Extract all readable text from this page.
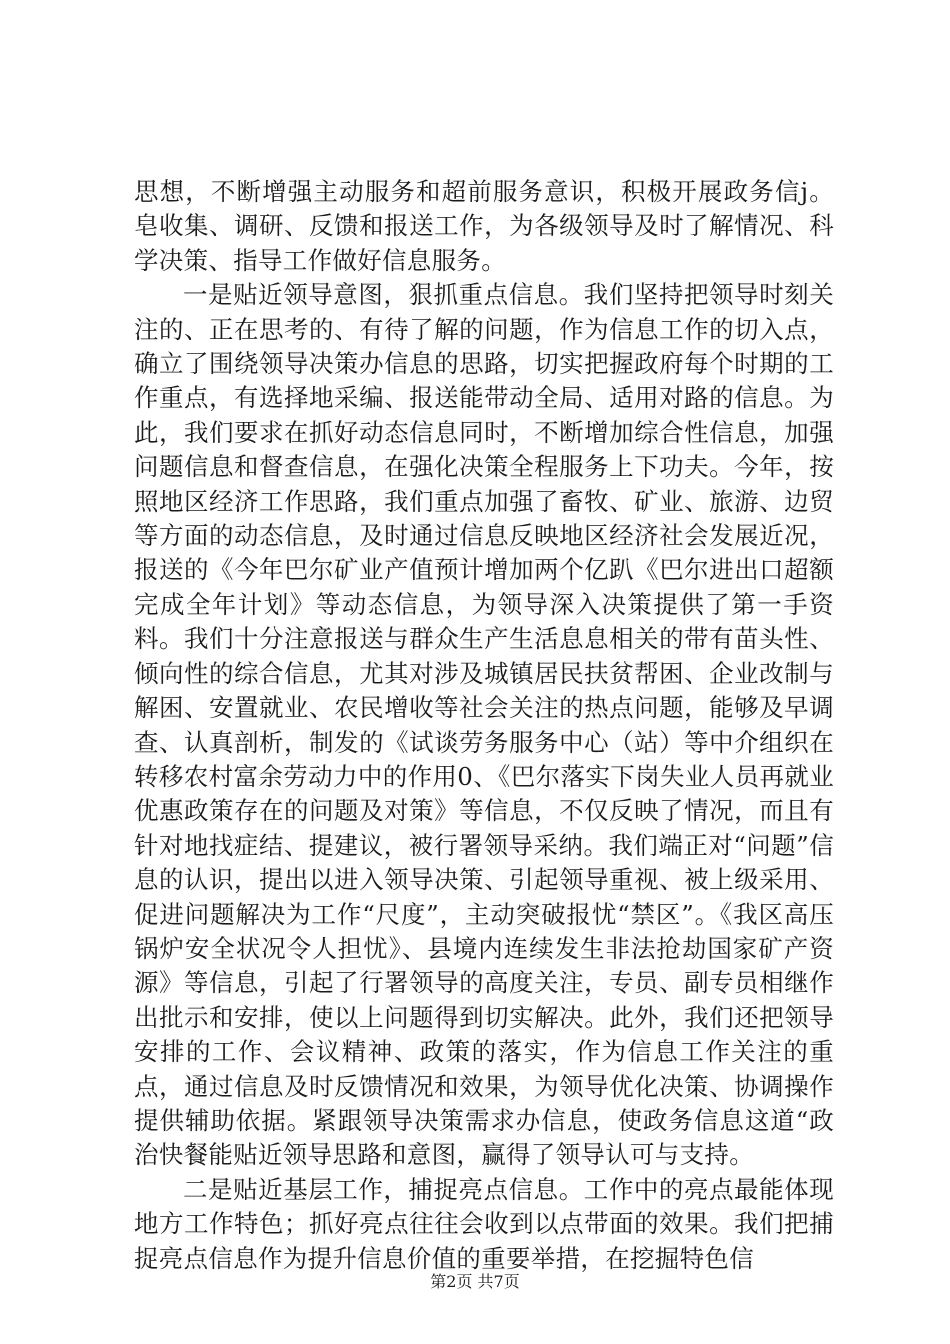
思想，不断增强主动服务和超前服务意识，积极开展政务信j。皂收集、调研、反馈和报送工作，为各级领导及时了解情况、科学决策、指导工作做好信息服务。

一是贴近领导意图，狠抓重点信息。我们坚持把领导时刻关注的、正在思考的、有待了解的问题，作为信息工作的切入点，确立了围绕领导决策办信息的思路，切实把握政府每个时期的工作重点，有选择地采编、报送能带动全局、适用对路的信息。为此，我们要求在抓好动态信息同时，不断增加综合性信息，加强问题信息和督查信息，在强化决策全程服务上下功夫。今年，按照地区经济工作思路，我们重点加强了畜牧、矿业、旅游、边贸等方面的动态信息，及时通过信息反映地区经济社会发展近况，报送的《今年巴尔矿业产值预计增加两个亿趴《巴尔进出口超额完成全年计划》等动态信息，为领导深入决策提供了第一手资料。我们十分注意报送与群众生产生活息息相关的带有苗头性、倾向性的综合信息，尤其对涉及城镇居民扶贫帮困、企业改制与解困、安置就业、农民增收等社会关注的热点问题，能够及早调查、认真剖析，制发的《试谈劳务服务中心（站）等中介组织在转移农村富余劳动力中的作用0、《巴尔落实下岗失业人员再就业优惠政策存在的问题及对策》等信息，不仅反映了情况，而且有针对地找症结、提建议，被行署领导采纳。我们端正对“问题”信息的认识，提出以进入领导决策、引起领导重视、被上级采用、促进问题解决为工作“尺度”，主动突破报忧“禁区”。《我区高压锅炉安全状况令人担忧》、县境内连续发生非法抢劫国家矿产资源》等信息，引起了行署领导的高度关注，专员、副专员相继作出批示和安排，使以上问题得到切实解决。此外，我们还把领导安排的工作、会议精神、政策的落实，作为信息工作关注的重点，通过信息及时反馈情况和效果，为领导优化决策、协调操作提供辅助依据。紧跟领导决策需求办信息，使政务信息这道“政治快餐能贴近领导思路和意图，赢得了领导认可与支持。

二是贴近基层工作，捕捉亮点信息。工作中的亮点最能体现地方工作特色；抓好亮点往往会收到以点带面的效果。我们把捕捉亮点信息作为提升信息价值的重要举措，在挖掘特色信

第2页 共7页
